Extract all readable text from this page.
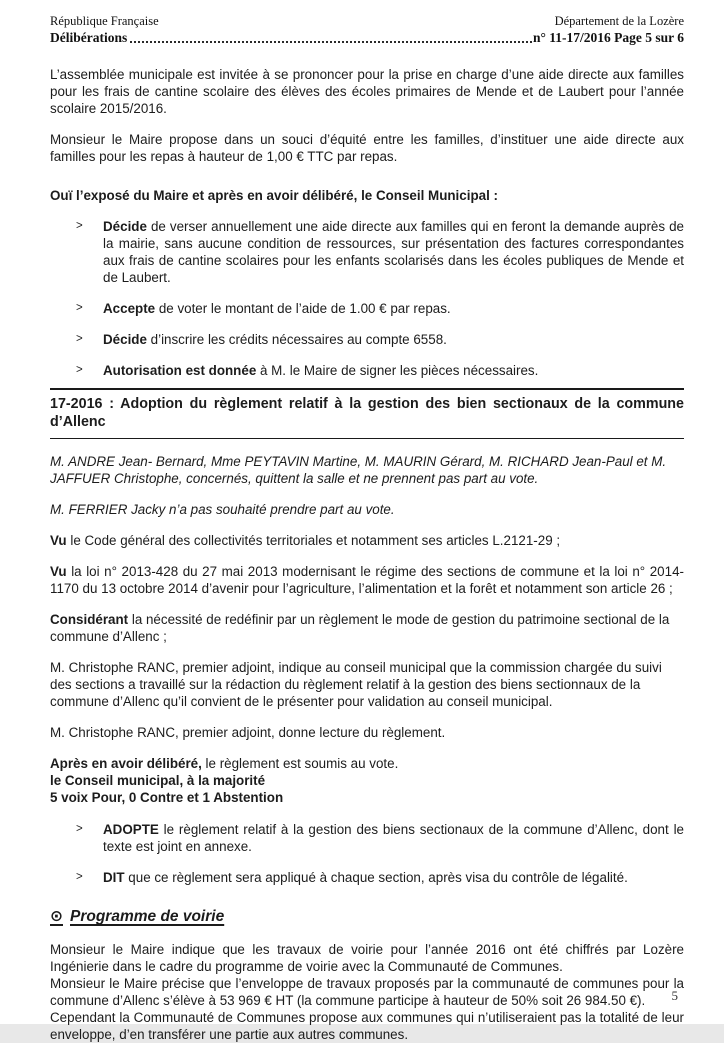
République Française	Département de la Lozère
Délibérations	n° 11-17/2016 Page 5 sur 6
L’assemblée municipale est invitée à se prononcer pour la prise en charge d’une aide directe aux familles pour les frais de cantine scolaire des élèves des écoles primaires de Mende et de Laubert pour l’année scolaire 2015/2016.
Monsieur le Maire propose dans un souci d’équité entre les familles, d’instituer une aide directe aux familles pour les repas à hauteur de 1,00 € TTC par repas.
Ouï l’exposé du Maire et après en avoir délibéré, le Conseil Municipal :
>	Décide de verser annuellement une aide directe aux familles qui en feront la demande auprès de la mairie, sans aucune condition de ressources, sur présentation des factures correspondantes aux frais de cantine scolaires pour les enfants scolarisés dans les écoles publiques de Mende et de Laubert.
>	Accepte de voter le montant de l’aide de 1.00 € par repas.
>	Décide d’inscrire les crédits nécessaires au compte 6558.
>	Autorisation est donnée à M. le Maire de signer les pièces nécessaires.
17-2016 : Adoption du règlement relatif à la gestion des bien sectionaux de la commune d’Allenc
M. ANDRE Jean- Bernard, Mme PEYTAVIN Martine, M. MAURIN Gérard, M. RICHARD Jean-Paul et M. JAFFUER Christophe, concernés, quittent la salle et ne prennent pas part au vote.
M. FERRIER Jacky n’a pas souhaité prendre part au vote.
Vu le Code général des collectivités territoriales et notamment ses articles L.2121-29 ;
Vu la loi n° 2013-428 du 27 mai 2013 modernisant le régime des sections de commune et la loi n° 2014-1170 du 13 octobre 2014 d’avenir pour l’agriculture, l’alimentation et la forêt et notamment son article 26 ;
Considérant la nécessité de redéfinir par un règlement le mode de gestion du patrimoine sectional de la commune d’Allenc ;
M. Christophe RANC, premier adjoint, indique au conseil municipal que la commission chargée du suivi des sections a travaillé sur la rédaction du règlement relatif à la gestion des biens sectionnaux de la commune d’Allenc qu’il convient de le présenter pour validation au conseil municipal.
M. Christophe RANC, premier adjoint, donne lecture du règlement.
Après en avoir délibéré, le règlement est soumis au vote.
le Conseil municipal, à la majorité
5 voix Pour, 0 Contre et 1 Abstention
>	ADOPTE le règlement relatif à la gestion des biens sectionaux de la commune d’Allenc, dont le texte est joint en annexe.
>	DIT que ce règlement sera appliqué à chaque section, après visa du contrôle de légalité.
⊙ Programme de voirie
Monsieur le Maire indique que les travaux de voirie pour l’année 2016 ont été chiffrés par Lozère Ingénierie dans le cadre du programme de voirie avec la Communauté de Communes.
Monsieur le Maire précise que l’enveloppe de travaux proposés par la communauté de communes pour la commune d’Allenc s’élève à 53 969 € HT (la commune participe à hauteur de 50% soit 26 984.50 €).
Cependant la Communauté de Communes propose aux communes qui n’utiliseraient pas la totalité de leur enveloppe, d’en transférer une partie aux autres communes.
5
